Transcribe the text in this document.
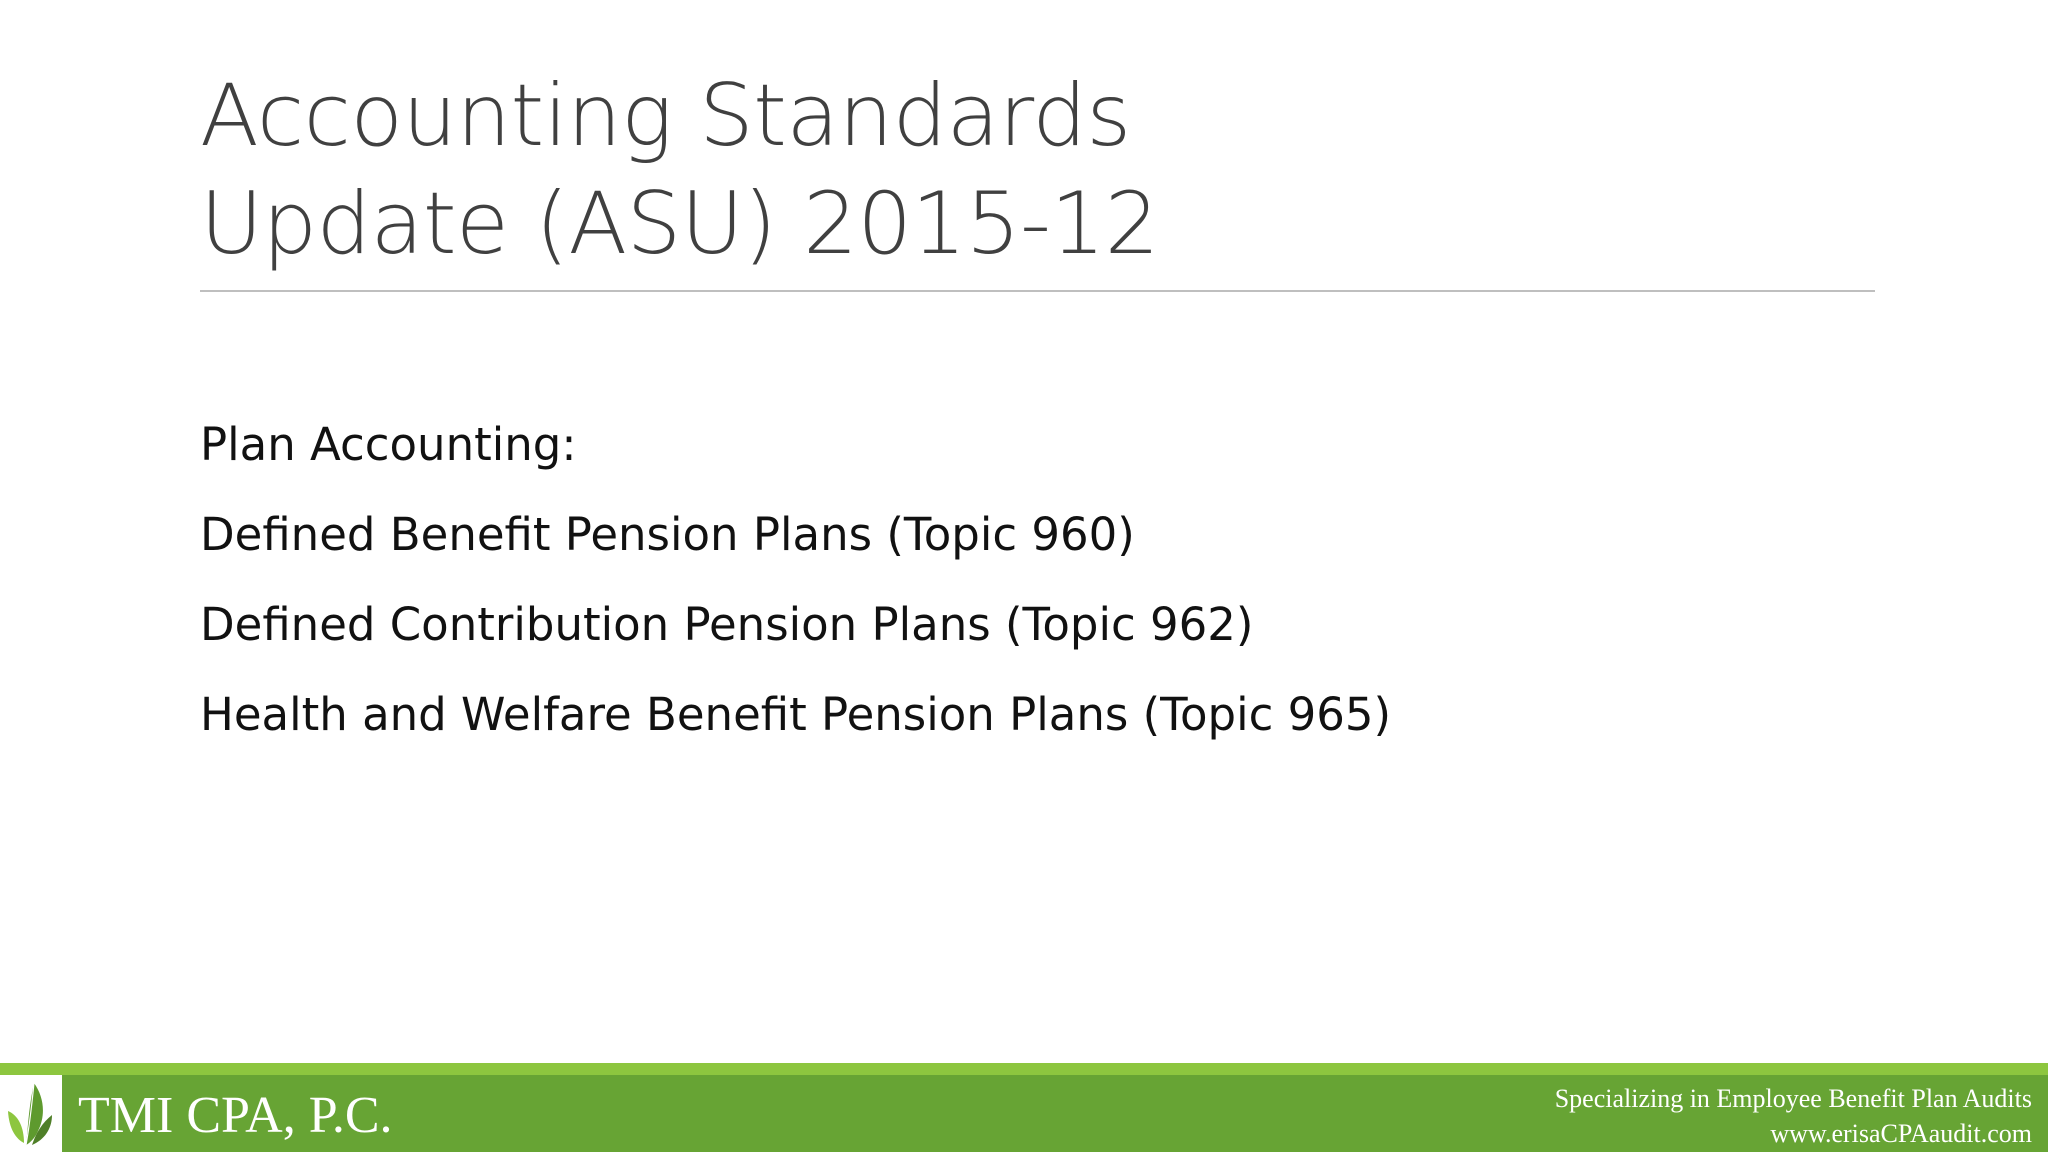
Accounting Standards
Update (ASU) 2015-12
Plan Accounting:
Defined Benefit Pension Plans (Topic 960)
Defined Contribution Pension Plans (Topic 962)
Health and Welfare Benefit Pension Plans (Topic 965)
TMI CPA, P.C.	Specializing in Employee Benefit Plan Audits
www.erisaCPAaudit.com
